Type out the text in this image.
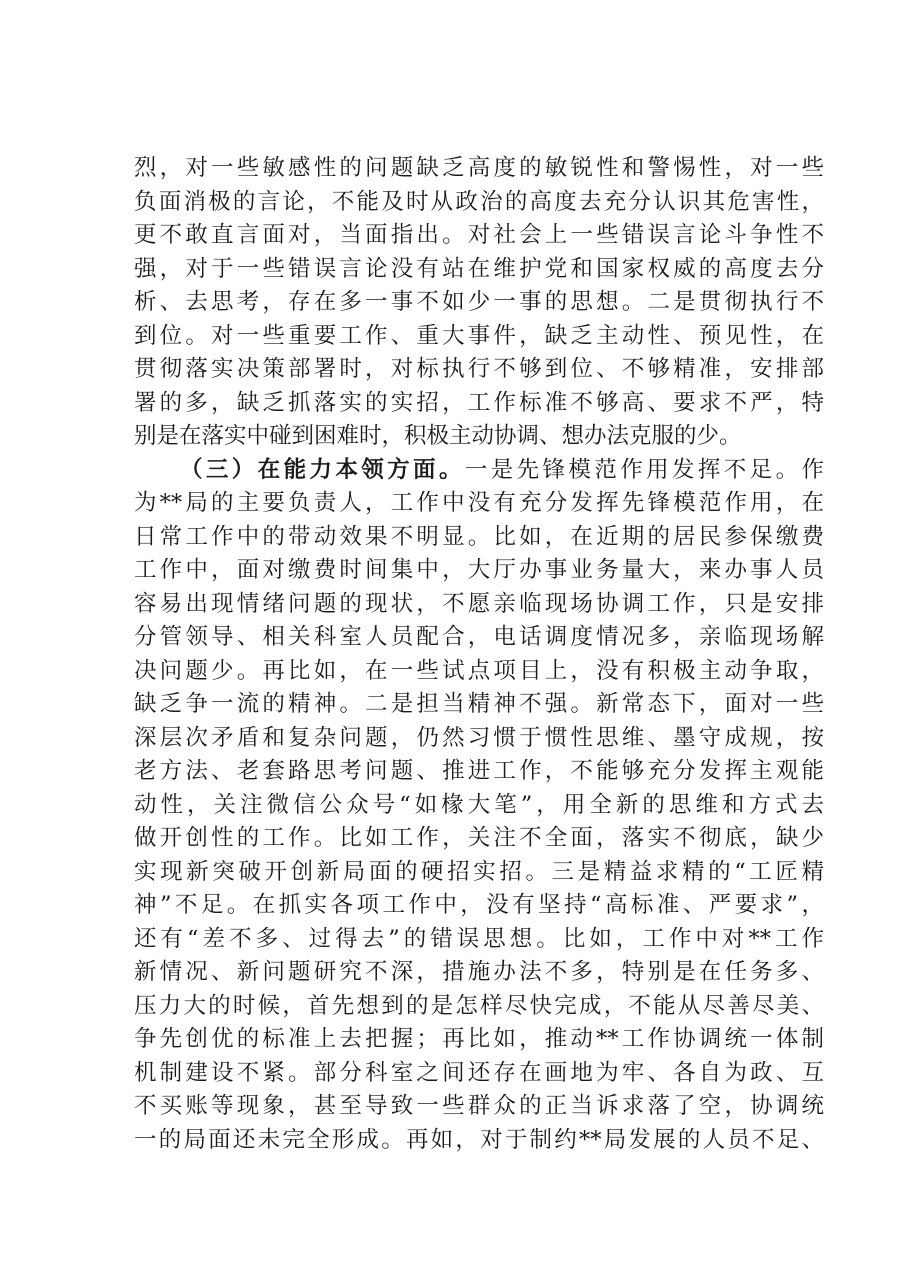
烈，对一些敏感性的问题缺乏高度的敏锐性和警惕性，对一些
负面消极的言论，不能及时从政治的高度去充分认识其危害性，
更不敢直言面对，当面指出。对社会上一些错误言论斗争性不
强，对于一些错误言论没有站在维护党和国家权威的高度去分
析、去思考，存在多一事不如少一事的思想。二是贯彻执行不
到位。对一些重要工作、重大事件，缺乏主动性、预见性，在
贯彻落实决策部署时，对标执行不够到位、不够精准，安排部
署的多，缺乏抓落实的实招，工作标准不够高、要求不严，特
别是在落实中碰到困难时，积极主动协调、想办法克服的少。
（三）在能力本领方面。一是先锋模范作用发挥不足。作
为**局的主要负责人，工作中没有充分发挥先锋模范作用，在
日常工作中的带动效果不明显。比如，在近期的居民参保缴费
工作中，面对缴费时间集中，大厅办事业务量大，来办事人员
容易出现情绪问题的现状，不愿亲临现场协调工作，只是安排
分管领导、相关科室人员配合，电话调度情况多，亲临现场解
决问题少。再比如，在一些试点项目上，没有积极主动争取，
缺乏争一流的精神。二是担当精神不强。新常态下，面对一些
深层次矛盾和复杂问题，仍然习惯于惯性思维、墨守成规，按
老方法、老套路思考问题、推进工作，不能够充分发挥主观能
动性，关注微信公众号“如椽大笔”，用全新的思维和方式去
做开创性的工作。比如工作，关注不全面，落实不彻底，缺少
实现新突破开创新局面的硬招实招。三是精益求精的“工匠精
神”不足。在抓实各项工作中，没有坚持“高标准、严要求”，
还有“差不多、过得去”的错误思想。比如，工作中对**工作
新情况、新问题研究不深，措施办法不多，特别是在任务多、
压力大的时候，首先想到的是怎样尽快完成，不能从尽善尽美、
争先创优的标准上去把握；再比如，推动**工作协调统一体制
机制建设不紧。部分科室之间还存在画地为牢、各自为政、互
不买账等现象，甚至导致一些群众的正当诉求落了空，协调统
一的局面还未完全形成。再如，对于制约**局发展的人员不足、
